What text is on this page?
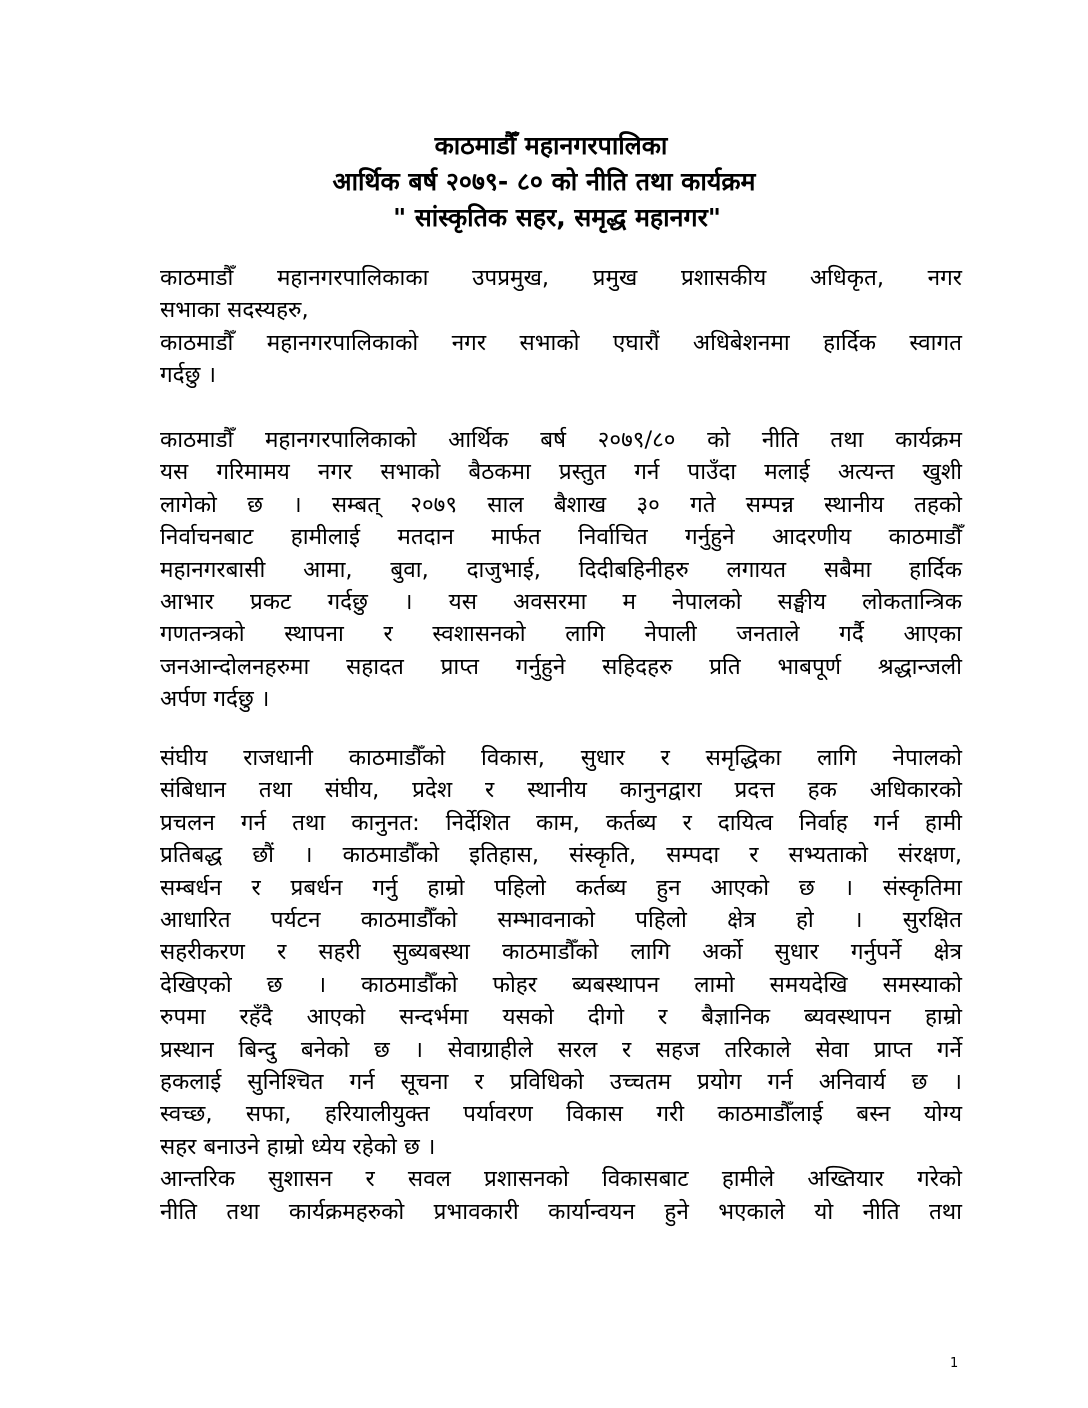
काठमाडौँ महानगरपालिका
आर्थिक बर्ष २०७९- ८० को नीति तथा कार्यक्रम
" सांस्कृतिक सहर, समृद्ध महानगर"
काठमाडौँ महानगरपालिकाका उपप्रमुख, प्रमुख प्रशासकीय अधिकृत, नगर
सभाका सदस्यहरु,
काठमाडौँ महानगरपालिकाको नगर सभाको एघारौं अधिबेशनमा हार्दिक स्वागत
गर्दछु ।
काठमाडौँ महानगरपालिकाको आर्थिक बर्ष २०७९/८० को नीति तथा कार्यक्रम
यस गरिमामय नगर सभाको बैठकमा प्रस्तुत गर्न पाउँदा मलाई अत्यन्त खुशी
लागेको छ । सम्बत् २०७९ साल बैशाख ३० गते सम्पन्न स्थानीय तहको
निर्वाचनबाट हामीलाई मतदान मार्फत निर्वाचित गर्नुहुने आदरणीय काठमाडौँ
महानगरबासी आमा, बुवा, दाजुभाई, दिदीबहिनीहरु लगायत सबैमा हार्दिक
आभार प्रकट गर्दछु । यस अवसरमा म नेपालको सङ्घीय लोकतान्त्रिक
गणतन्त्रको स्थापना र स्वशासनको लागि नेपाली जनताले गर्दै आएका
जनआन्दोलनहरुमा सहादत प्राप्त गर्नुहुने सहिदहरु प्रति भाबपूर्ण श्रद्धान्जली
अर्पण गर्दछु ।
संघीय राजधानी काठमाडौँको विकास, सुधार र समृद्धिका लागि नेपालको
संबिधान तथा संघीय, प्रदेश र स्थानीय कानुनद्वारा प्रदत्त हक अधिकारको
प्रचलन गर्न तथा कानुनत: निर्देशित काम, कर्तब्य र दायित्व निर्वाह गर्न हामी
प्रतिबद्ध छौं । काठमाडौँको इतिहास, संस्कृति, सम्पदा र सभ्यताको संरक्षण,
सम्बर्धन र प्रबर्धन गर्नु हाम्रो पहिलो कर्तब्य हुन आएको छ । संस्कृतिमा
आधारित पर्यटन काठमाडौँको सम्भावनाको पहिलो क्षेत्र हो । सुरक्षित
सहरीकरण र सहरी सुब्यबस्था काठमाडौँको लागि अर्को सुधार गर्नुपर्ने क्षेत्र
देखिएको छ । काठमाडौँको फोहर ब्यबस्थापन लामो समयदेखि समस्याको
रुपमा रहँदै आएको सन्दर्भमा यसको दीगो र बैज्ञानिक ब्यवस्थापन हाम्रो
प्रस्थान बिन्दु बनेको छ । सेवाग्राहीले सरल र सहज तरिकाले सेवा प्राप्त गर्ने
हकलाई सुनिश्चित गर्न सूचना र प्रविधिको उच्चतम प्रयोग गर्न अनिवार्य छ ।
स्वच्छ, सफा, हरियालीयुक्त पर्यावरण विकास गरी काठमाडौँलाई बस्न योग्य
सहर बनाउने हाम्रो ध्येय रहेको छ ।
आन्तरिक सुशासन र सवल प्रशासनको विकासबाट हामीले अख्तियार गरेको
नीति तथा कार्यक्रमहरुको प्रभावकारी कार्यान्वयन हुने भएकाले यो नीति तथा
1
